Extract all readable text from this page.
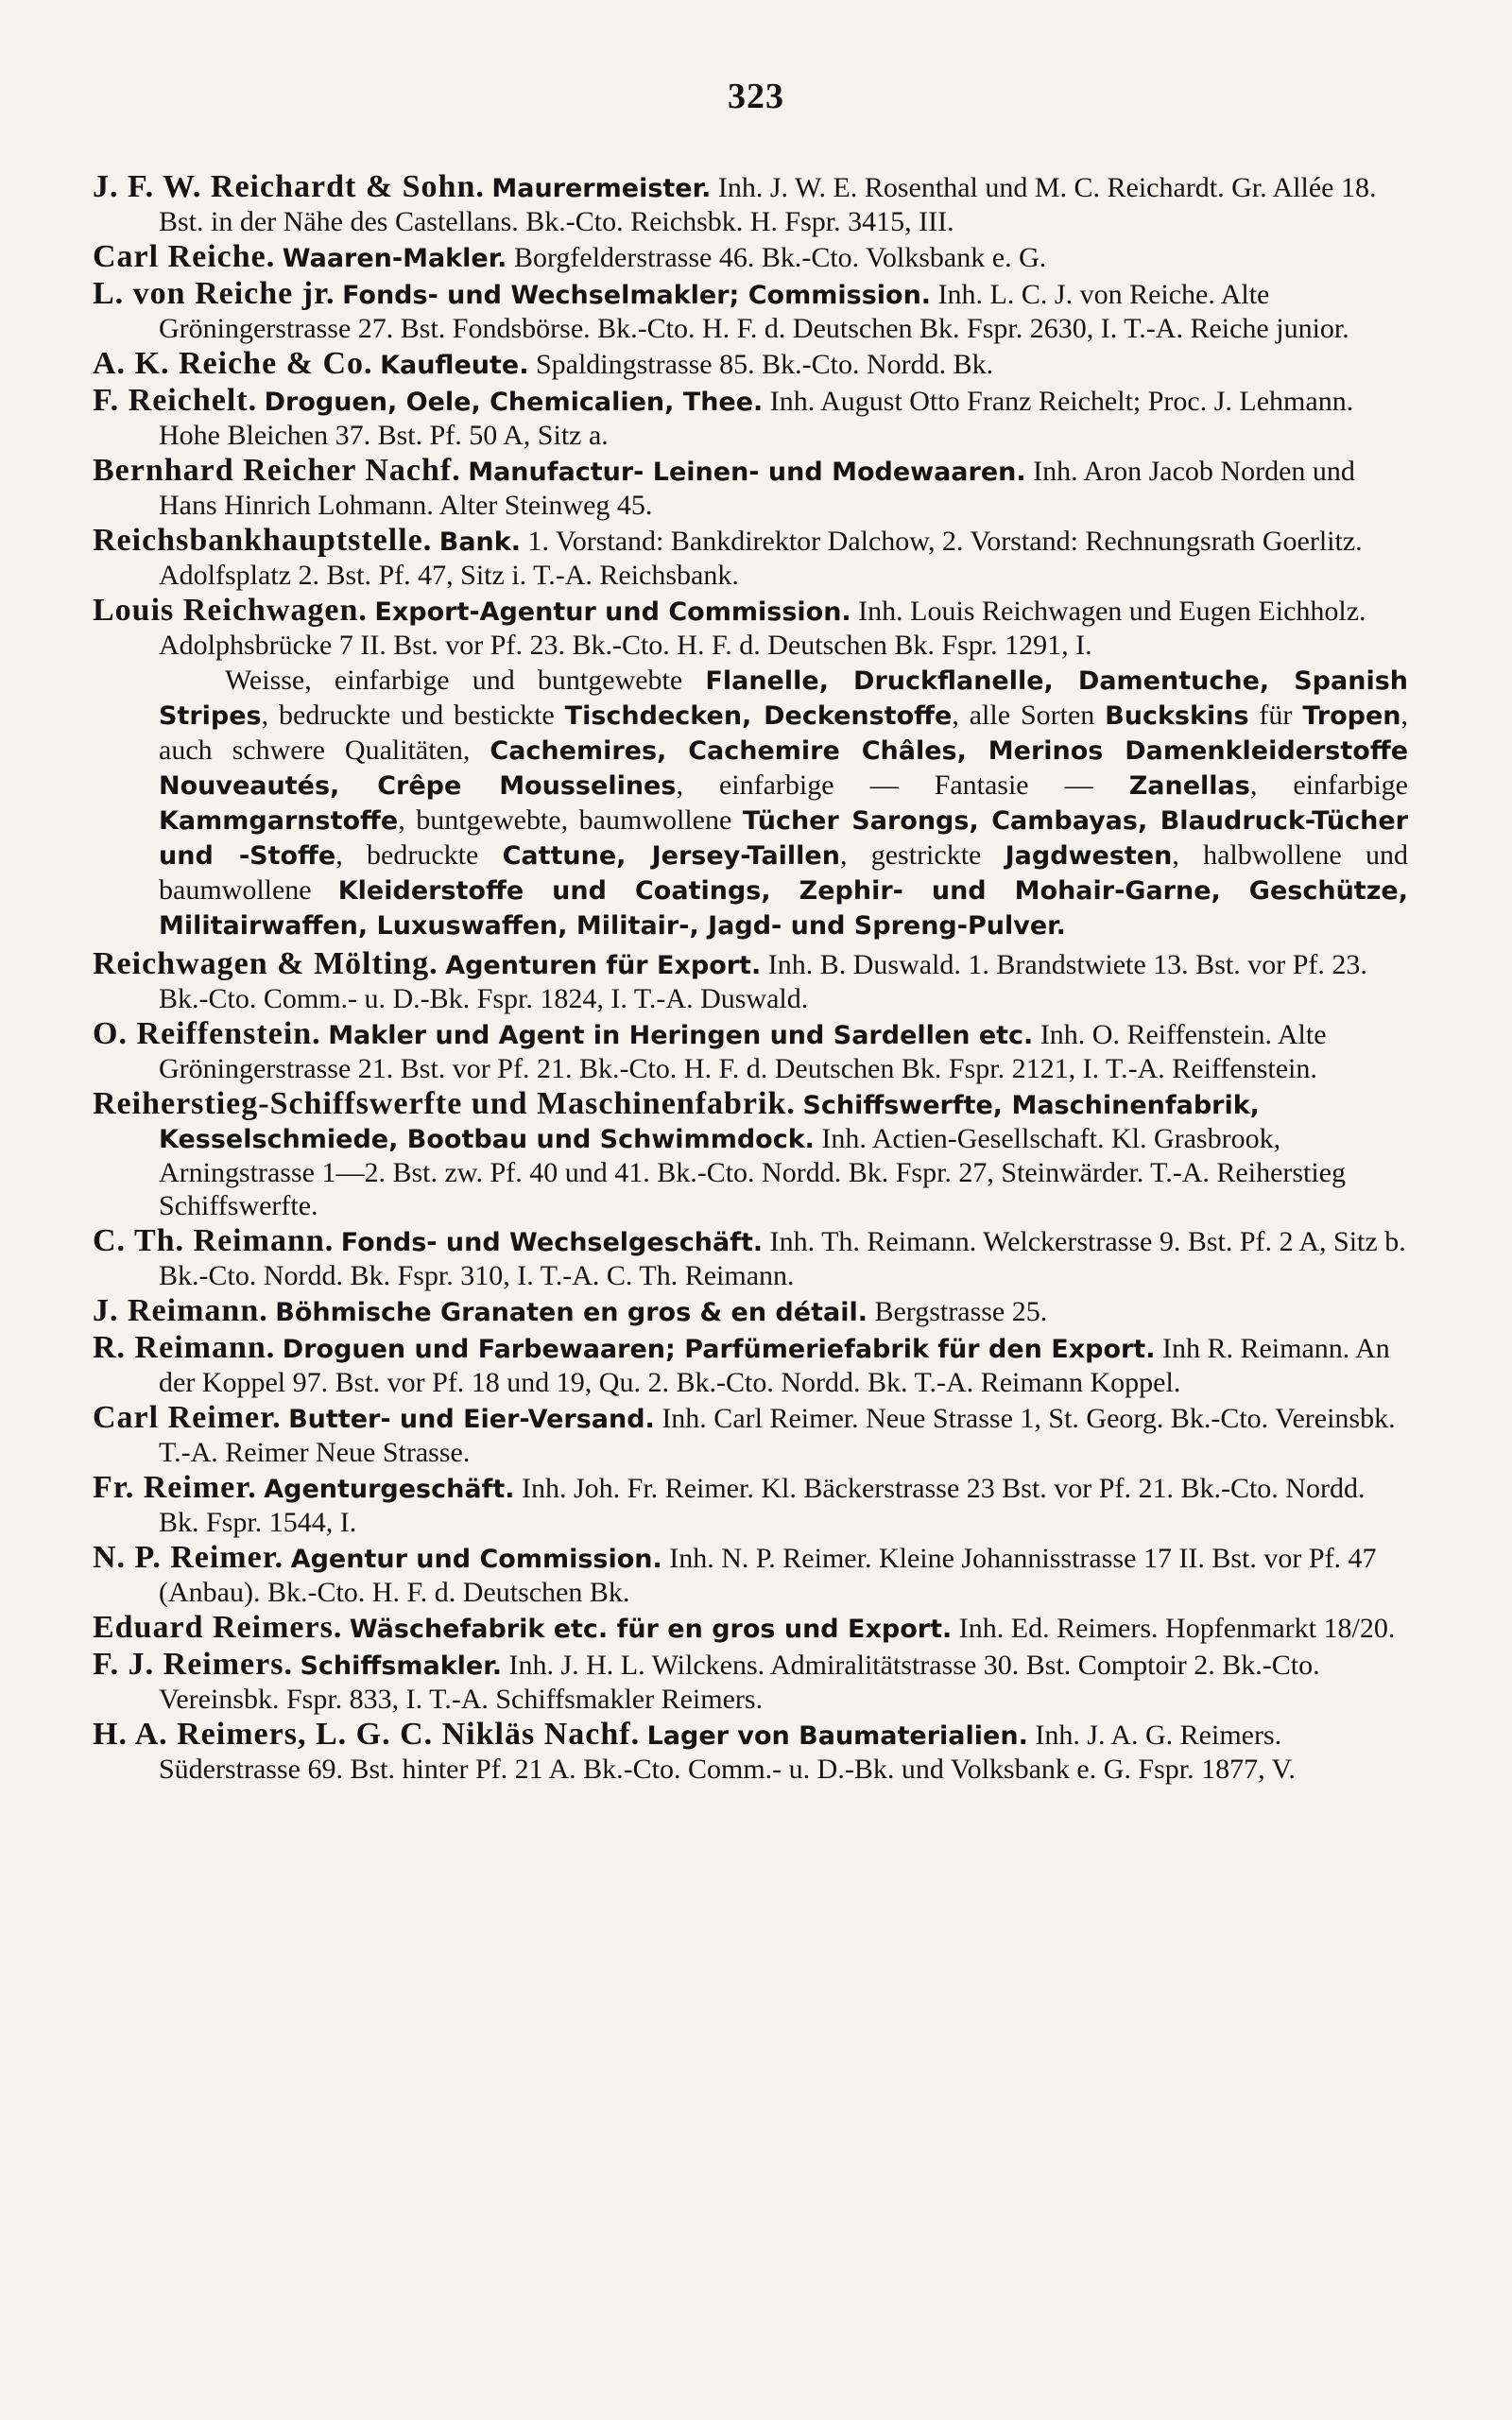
323

J. F. W. Reichardt & Sohn. Maurermeister. Inh. J. W. E. Rosenthal und M. C. Reichardt. Gr. Allée 18. Bst. in der Nähe des Castellans. Bk.-Cto. Reichsbk. H. Fspr. 3415, III.

Carl Reiche. Waaren-Makler. Borgfelderstrasse 46. Bk.-Cto. Volksbank e. G.

L. von Reiche jr. Fonds- und Wechselmakler; Commission. Inh. L. C. J. von Reiche. Alte Gröningerstrasse 27. Bst. Fondsbörse. Bk.-Cto. H. F. d. Deutschen Bk. Fspr. 2630, I. T.-A. Reiche junior.

A. K. Reiche & Co. Kaufleute. Spaldingstrasse 85. Bk.-Cto. Nordd. Bk.

F. Reichelt. Droguen, Oele, Chemicalien, Thee. Inh. August Otto Franz Reichelt; Proc. J. Lehmann. Hohe Bleichen 37. Bst. Pf. 50 A, Sitz a.

Bernhard Reicher Nachf. Manufactur- Leinen- und Modewaaren. Inh. Aron Jacob Norden und Hans Hinrich Lohmann. Alter Steinweg 45.

Reichsbankhauptstelle. Bank. 1. Vorstand: Bankdirektor Dalchow, 2. Vorstand: Rechnungsrath Goerlitz. Adolfsplatz 2. Bst. Pf. 47, Sitz i. T.-A. Reichsbank.

Louis Reichwagen. Export-Agentur und Commission. Inh. Louis Reichwagen und Eugen Eichholz. Adolphsbrücke 7 II. Bst. vor Pf. 23. Bk.-Cto. H. F. d. Deutschen Bk. Fspr. 1291, I.

Weisse, einfarbige und buntgewebte Flanelle, Druckflanelle, Damentuche, Spanish Stripes, bedruckte und bestickte Tischdecken, Deckenstoffe, alle Sorten Buckskins für Tropen, auch schwere Qualitäten, Cachemires, Cachemire Châles, Merinos Damenkleiderstoffe Nouveautés, Crêpe Mousselines, einfarbige — Fantasie — Zanellas, einfarbige Kammgarnstoffe, buntgewebte, baumwollene Tücher Sarongs, Cambayas, Blaudruck-Tücher und -Stoffe, bedruckte Cattune, Jersey-Taillen, gestrickte Jagdwesten, halbwollene und baumwollene Kleiderstoffe und Coatings, Zephir- und Mohair-Garne, Geschütze, Militairwaffen, Luxuswaffen, Militair-, Jagd- und Spreng-Pulver.

Reichwagen & Mölting. Agenturen für Export. Inh. B. Duswald. 1. Brandstwiete 13. Bst. vor Pf. 23. Bk.-Cto. Comm.- u. D.-Bk. Fspr. 1824, I. T.-A. Duswald.

O. Reiffenstein. Makler und Agent in Heringen und Sardellen etc. Inh. O. Reiffenstein. Alte Gröningerstrasse 21. Bst. vor Pf. 21. Bk.-Cto. H. F. d. Deutschen Bk. Fspr. 2121, I. T.-A. Reiffenstein.

Reiherstieg-Schiffswerfte und Maschinenfabrik. Schiffswerfte, Maschinenfabrik, Kesselschmiede, Bootbau und Schwimmdock. Inh. Actien-Gesellschaft. Kl. Grasbrook, Arningstrasse 1—2. Bst. zw. Pf. 40 und 41. Bk.-Cto. Nordd. Bk. Fspr. 27, Steinwärder. T.-A. Reiherstieg Schiffswerfte.

C. Th. Reimann. Fonds- und Wechselgeschäft. Inh. Th. Reimann. Welckerstrasse 9. Bst. Pf. 2 A, Sitz b. Bk.-Cto. Nordd. Bk. Fspr. 310, I. T.-A. C. Th. Reimann.

J. Reimann. Böhmische Granaten en gros & en détail. Bergstrasse 25.

R. Reimann. Droguen und Farbewaaren; Parfümeriefabrik für den Export. Inh R. Reimann. An der Koppel 97. Bst. vor Pf. 18 und 19, Qu. 2. Bk.-Cto. Nordd. Bk. T.-A. Reimann Koppel.

Carl Reimer. Butter- und Eier-Versand. Inh. Carl Reimer. Neue Strasse 1, St. Georg. Bk.-Cto. Vereinsbk. T.-A. Reimer Neue Strasse.

Fr. Reimer. Agenturgeschäft. Inh. Joh. Fr. Reimer. Kl. Bäckerstrasse 23 Bst. vor Pf. 21. Bk.-Cto. Nordd. Bk. Fspr. 1544, I.

N. P. Reimer. Agentur und Commission. Inh. N. P. Reimer. Kleine Johannisstrasse 17 II. Bst. vor Pf. 47 (Anbau). Bk.-Cto. H. F. d. Deutschen Bk.

Eduard Reimers. Wäschefabrik etc. für en gros und Export. Inh. Ed. Reimers. Hopfenmarkt 18/20.

F. J. Reimers. Schiffsmakler. Inh. J. H. L. Wilckens. Admiralitätstrasse 30. Bst. Comptoir 2. Bk.-Cto. Vereinsbk. Fspr. 833, I. T.-A. Schiffsmakler Reimers.

H. A. Reimers, L. G. C. Nikläs Nachf. Lager von Baumaterialien. Inh. J. A. G. Reimers. Süderstrasse 69. Bst. hinter Pf. 21 A. Bk.-Cto. Comm.- u. D.-Bk. und Volksbank e. G. Fspr. 1877, V.
